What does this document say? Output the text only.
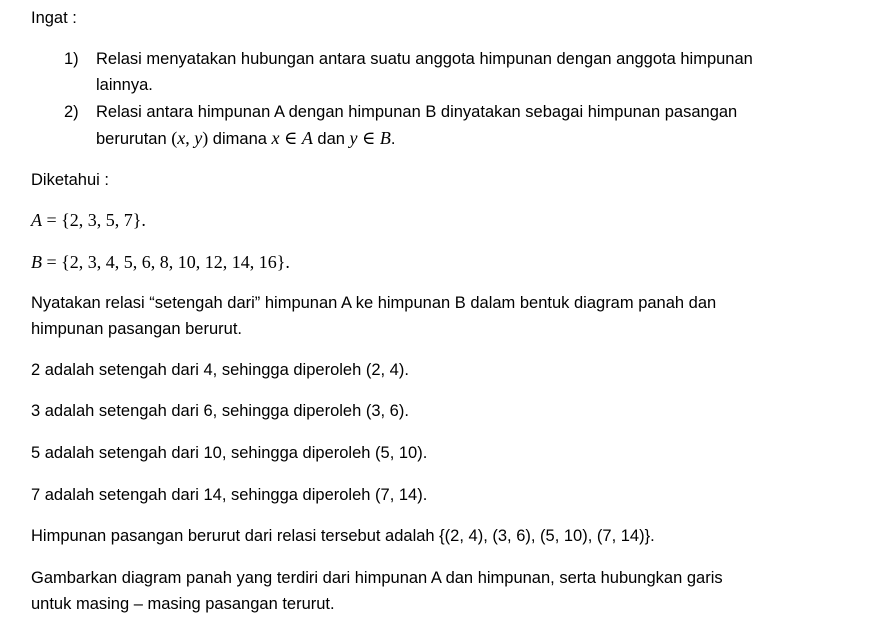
Ingat :
1) Relasi menyatakan hubungan antara suatu anggota himpunan dengan anggota himpunan
lainnya.
2) Relasi antara himpunan A dengan himpunan B dinyatakan sebagai himpunan pasangan
berurutan (x, y) dimana x ∈ A dan y ∈ B.
Diketahui :
A = {2, 3, 5, 7}.
B = {2, 3, 4, 5, 6, 8, 10, 12, 14, 16}.
Nyatakan relasi “setengah dari” himpunan A ke himpunan B dalam bentuk diagram panah dan
himpunan pasangan berurut.
2 adalah setengah dari 4, sehingga diperoleh (2, 4).
3 adalah setengah dari 6, sehingga diperoleh (3, 6).
5 adalah setengah dari 10, sehingga diperoleh (5, 10).
7 adalah setengah dari 14, sehingga diperoleh (7, 14).
Himpunan pasangan berurut dari relasi tersebut adalah {(2, 4), (3, 6), (5, 10), (7, 14)}.
Gambarkan diagram panah yang terdiri dari himpunan A dan himpunan, serta hubungkan garis
untuk masing – masing pasangan terurut.
